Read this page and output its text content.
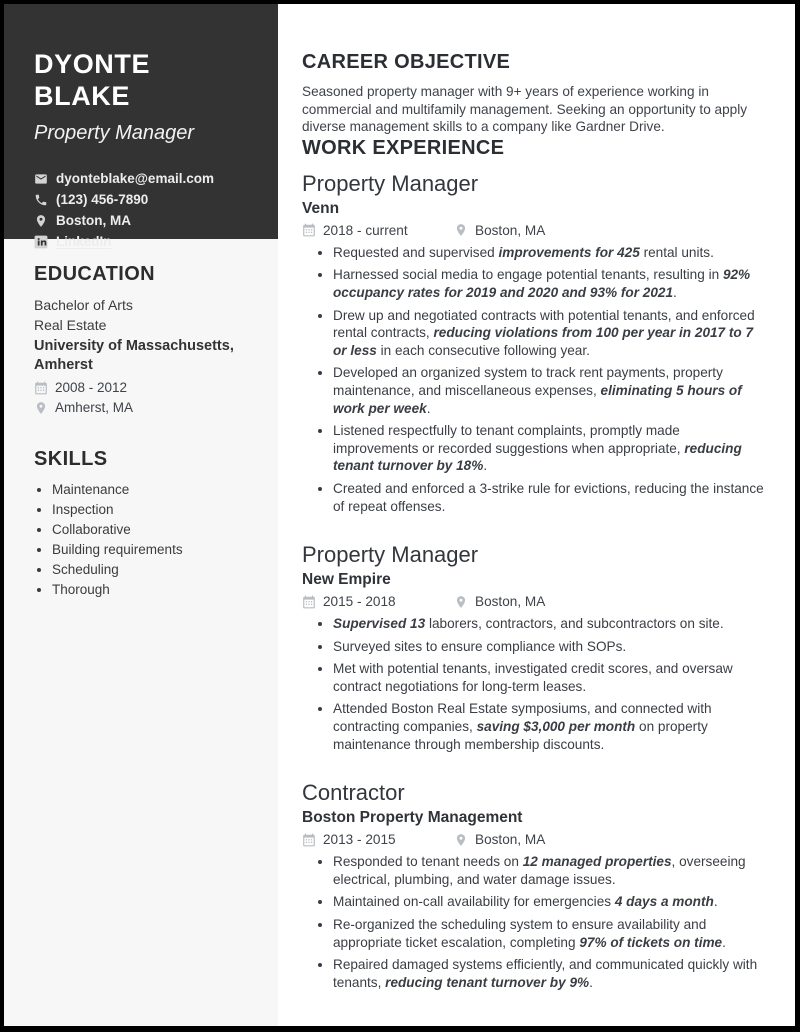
DYONTE BLAKE
Property Manager
dyonteblake@email.com
(123) 456-7890
Boston, MA
LinkedIn
EDUCATION
Bachelor of Arts
Real Estate
University of Massachusetts, Amherst
2008 - 2012
Amherst, MA
SKILLS
• Maintenance
• Inspection
• Collaborative
• Building requirements
• Scheduling
• Thorough
CAREER OBJECTIVE

Seasoned property manager with 9+ years of experience working in commercial and multifamily management. Seeking an opportunity to apply diverse management skills to a company like Gardner Drive.

WORK EXPERIENCE
Property Manager
Venn
2018 - current	Boston, MA
• Requested and supervised improvements for 425 rental units.
• Harnessed social media to engage potential tenants, resulting in 92% occupancy rates for 2019 and 2020 and 93% for 2021.
• Drew up and negotiated contracts with potential tenants, and enforced rental contracts, reducing violations from 100 per year in 2017 to 7 or less in each consecutive following year.
• Developed an organized system to track rent payments, property maintenance, and miscellaneous expenses, eliminating 5 hours of work per week.
• Listened respectfully to tenant complaints, promptly made improvements or recorded suggestions when appropriate, reducing tenant turnover by 18%.
• Created and enforced a 3-strike rule for evictions, reducing the instance of repeat offenses.
Property Manager
New Empire
2015 - 2018	Boston, MA
• Supervised 13 laborers, contractors, and subcontractors on site.
• Surveyed sites to ensure compliance with SOPs.
• Met with potential tenants, investigated credit scores, and oversaw contract negotiations for long-term leases.
• Attended Boston Real Estate symposiums, and connected with contracting companies, saving $3,000 per month on property maintenance through membership discounts.
Contractor
Boston Property Management
2013 - 2015	Boston, MA
• Responded to tenant needs on 12 managed properties, overseeing electrical, plumbing, and water damage issues.
• Maintained on-call availability for emergencies 4 days a month.
• Re-organized the scheduling system to ensure availability and appropriate ticket escalation, completing 97% of tickets on time.
• Repaired damaged systems efficiently, and communicated quickly with tenants, reducing tenant turnover by 9%.
